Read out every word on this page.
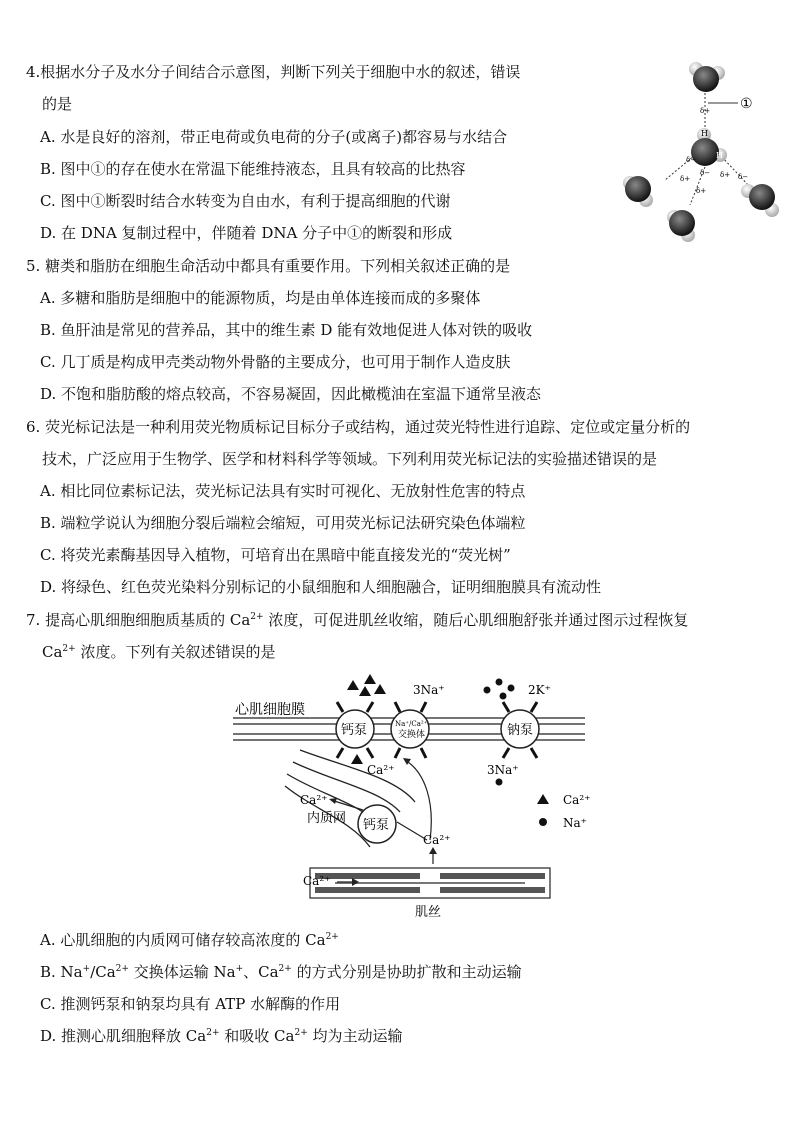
4.根据水分子及水分子间结合示意图，判断下列关于细胞中水的叙述，错误
的是
A. 水是良好的溶剂，带正电荷或负电荷的分子(或离子)都容易与水结合
B. 图中①的存在使水在常温下能维持液态，且具有较高的比热容
C. 图中①断裂时结合水转变为自由水，有利于提高细胞的代谢
D. 在 DNA 复制过程中，伴随着 DNA 分子中①的断裂和形成
①
δ+
H
H
δ−
δ−
δ+
δ+
δ+ δ−
5. 糖类和脂肪在细胞生命活动中都具有重要作用。下列相关叙述正确的是
A. 多糖和脂肪是细胞中的能源物质，均是由单体连接而成的多聚体
B. 鱼肝油是常见的营养品，其中的维生素 D 能有效地促进人体对铁的吸收
C. 几丁质是构成甲壳类动物外骨骼的主要成分，也可用于制作人造皮肤
D. 不饱和脂肪酸的熔点较高，不容易凝固，因此橄榄油在室温下通常呈液态
6. 荧光标记法是一种利用荧光物质标记目标分子或结构，通过荧光特性进行追踪、定位或定量分析的
技术，广泛应用于生物学、医学和材料科学等领域。下列利用荧光标记法的实验描述错误的是
A. 相比同位素标记法，荧光标记法具有实时可视化、无放射性危害的特点
B. 端粒学说认为细胞分裂后端粒会缩短，可用荧光标记法研究染色体端粒
C. 将荧光素酶基因导入植物，可培育出在黑暗中能直接发光的“荧光树”
D. 将绿色、红色荧光染料分别标记的小鼠细胞和人细胞融合，证明细胞膜具有流动性
7. 提高心肌细胞细胞质基质的 $Ca^{2+}$ 浓度，可促进肌丝收缩，随后心肌细胞舒张并通过图示过程恢复
$Ca^{2+}$ 浓度。下列有关叙述错误的是
心肌细胞膜
钙泵	Na⁺/Ca²⁺
交换体	钠泵
3Na⁺	2K⁺
3Na⁺
Ca²⁺
钙泵
Ca²⁺
内质网
Ca²⁺
肌丝
Ca²⁺
Ca²⁺
Na⁺
A. 心肌细胞的内质网可储存较高浓度的 $Ca^{2+}$
B. $Na^+/Ca^{2+}$ 交换体运输 Na+、$Ca^{2+}$ 的方式分别是协助扩散和主动运输
C. 推测钙泵和钠泵均具有 ATP 水解酶的作用
D. 推测心肌细胞释放 $Ca^{2+}$ 和吸收 $Ca^{2+}$ 均为主动运输
